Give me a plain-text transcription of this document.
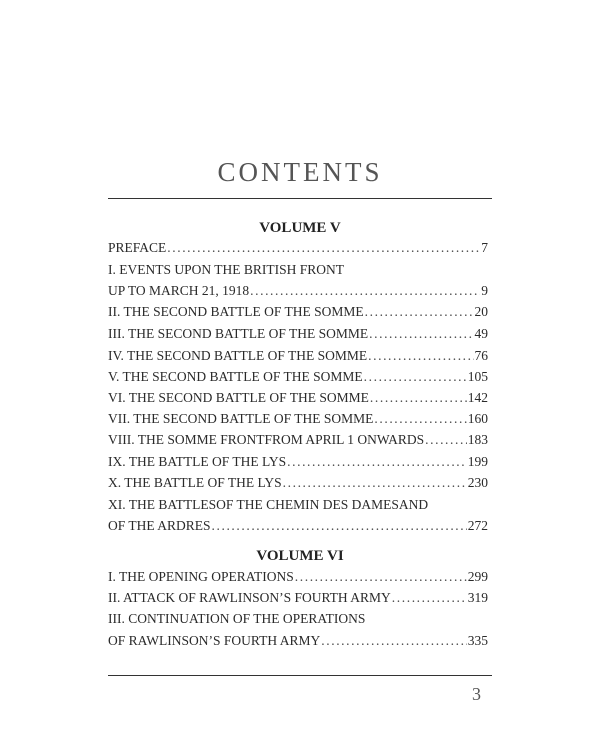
CONTENTS
VOLUME V
PREFACE .....	7
I. EVENTS UPON THE BRITISH FRONT
UP TO MARCH 21, 1918 .....	9
II. THE SECOND BATTLE OF THE SOMME .....	20
III. THE SECOND BATTLE OF THE SOMME .....	49
IV. THE SECOND BATTLE OF THE SOMME .....	76
V. THE SECOND BATTLE OF THE SOMME .....	105
VI. THE SECOND BATTLE OF THE SOMME .....	142
VII. THE SECOND BATTLE OF THE SOMME .....	160
VIII. THE SOMME FRONTFROM APRIL 1 ONWARDS .....	183
IX. THE BATTLE OF THE LYS .....	199
X. THE BATTLE OF THE LYS .....	230
XI. THE BATTLESOF THE CHEMIN DES DAMESAND
OF THE ARDRES .....	272
VOLUME VI
I. THE OPENING OPERATIONS .....	299
II. ATTACK OF RAWLINSON’S FOURTH ARMY .....	319
III. CONTINUATION OF THE OPERATIONS
OF RAWLINSON’S FOURTH ARMY .....	335
3
